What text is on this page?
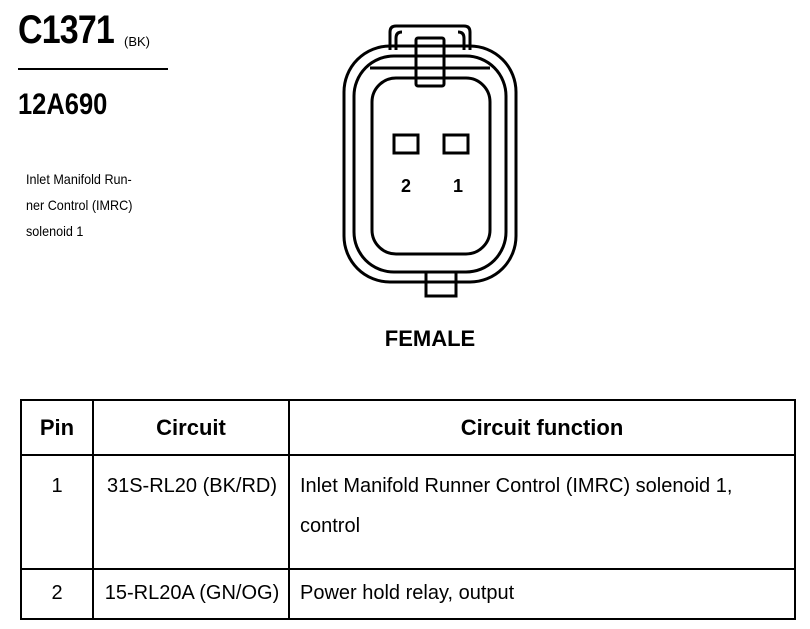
C1371 (BK)
12A690
Inlet Manifold Run-
ner Control (IMRC)
solenoid 1
2 1
FEMALE
Pin	Circuit	Circuit function
1	31S-RL20 (BK/RD)	Inlet Manifold Runner Control (IMRC) solenoid 1, control
2	15-RL20A (GN/OG)	Power hold relay, output
